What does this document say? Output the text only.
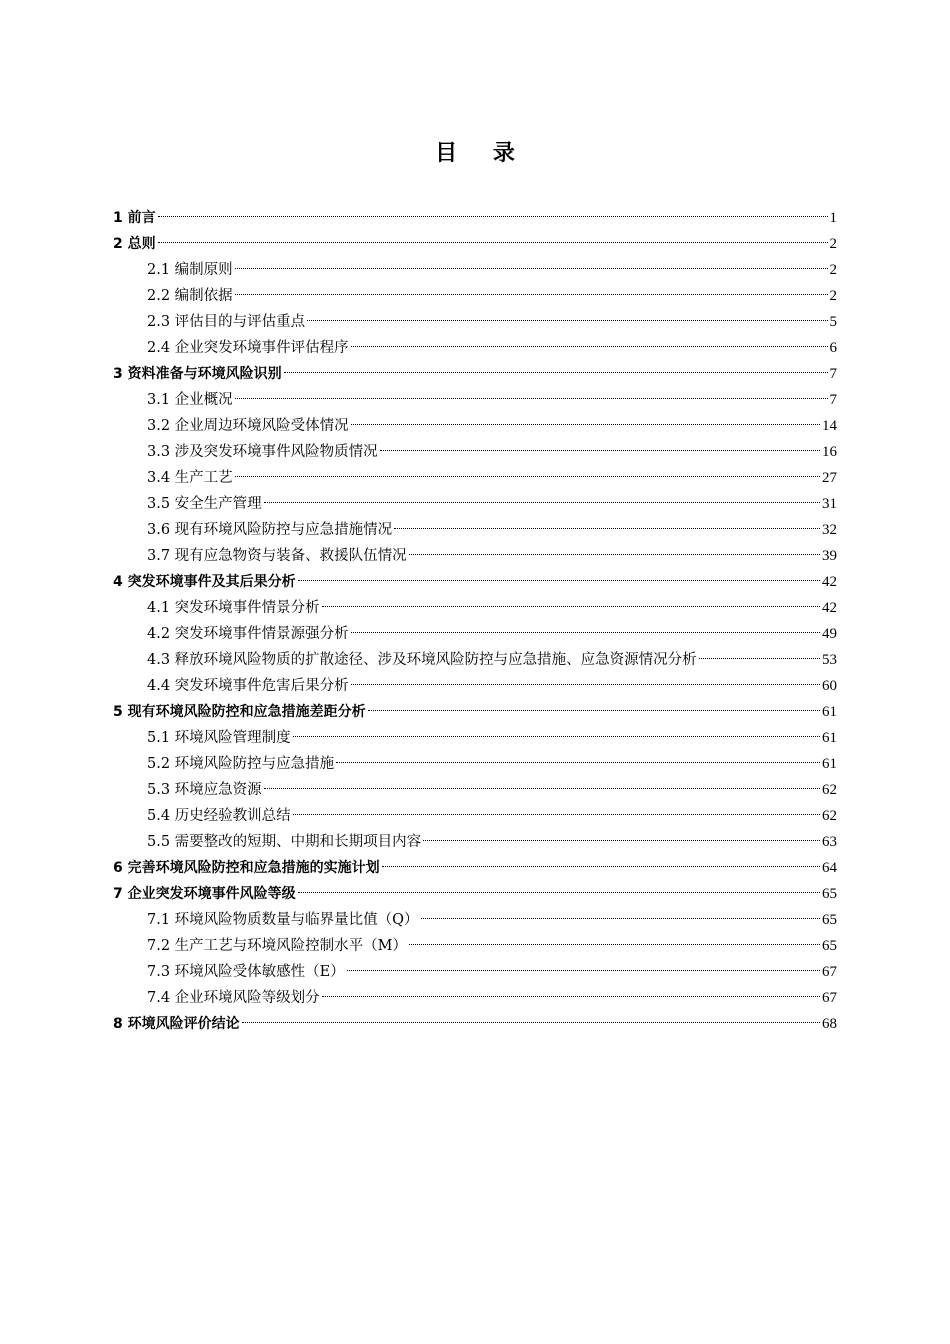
目 录
1 前言	1
2 总则	2
2.1 编制原则	2
2.2 编制依据	2
2.3 评估目的与评估重点	5
2.4 企业突发环境事件评估程序	6
3 资料准备与环境风险识别	7
3.1 企业概况	7
3.2 企业周边环境风险受体情况	14
3.3 涉及突发环境事件风险物质情况	16
3.4 生产工艺	27
3.5 安全生产管理	31
3.6 现有环境风险防控与应急措施情况	32
3.7 现有应急物资与装备、救援队伍情况	39
4 突发环境事件及其后果分析	42
4.1 突发环境事件情景分析	42
4.2 突发环境事件情景源强分析	49
4.3 释放环境风险物质的扩散途径、涉及环境风险防控与应急措施、应急资源情况分析	53
4.4 突发环境事件危害后果分析	60
5 现有环境风险防控和应急措施差距分析	61
5.1 环境风险管理制度	61
5.2 环境风险防控与应急措施	61
5.3 环境应急资源	62
5.4 历史经验教训总结	62
5.5 需要整改的短期、中期和长期项目内容	63
6 完善环境风险防控和应急措施的实施计划	64
7 企业突发环境事件风险等级	65
7.1 环境风险物质数量与临界量比值（Q）	65
7.2 生产工艺与环境风险控制水平（M）	65
7.3 环境风险受体敏感性（E）	67
7.4 企业环境风险等级划分	67
8 环境风险评价结论	68
